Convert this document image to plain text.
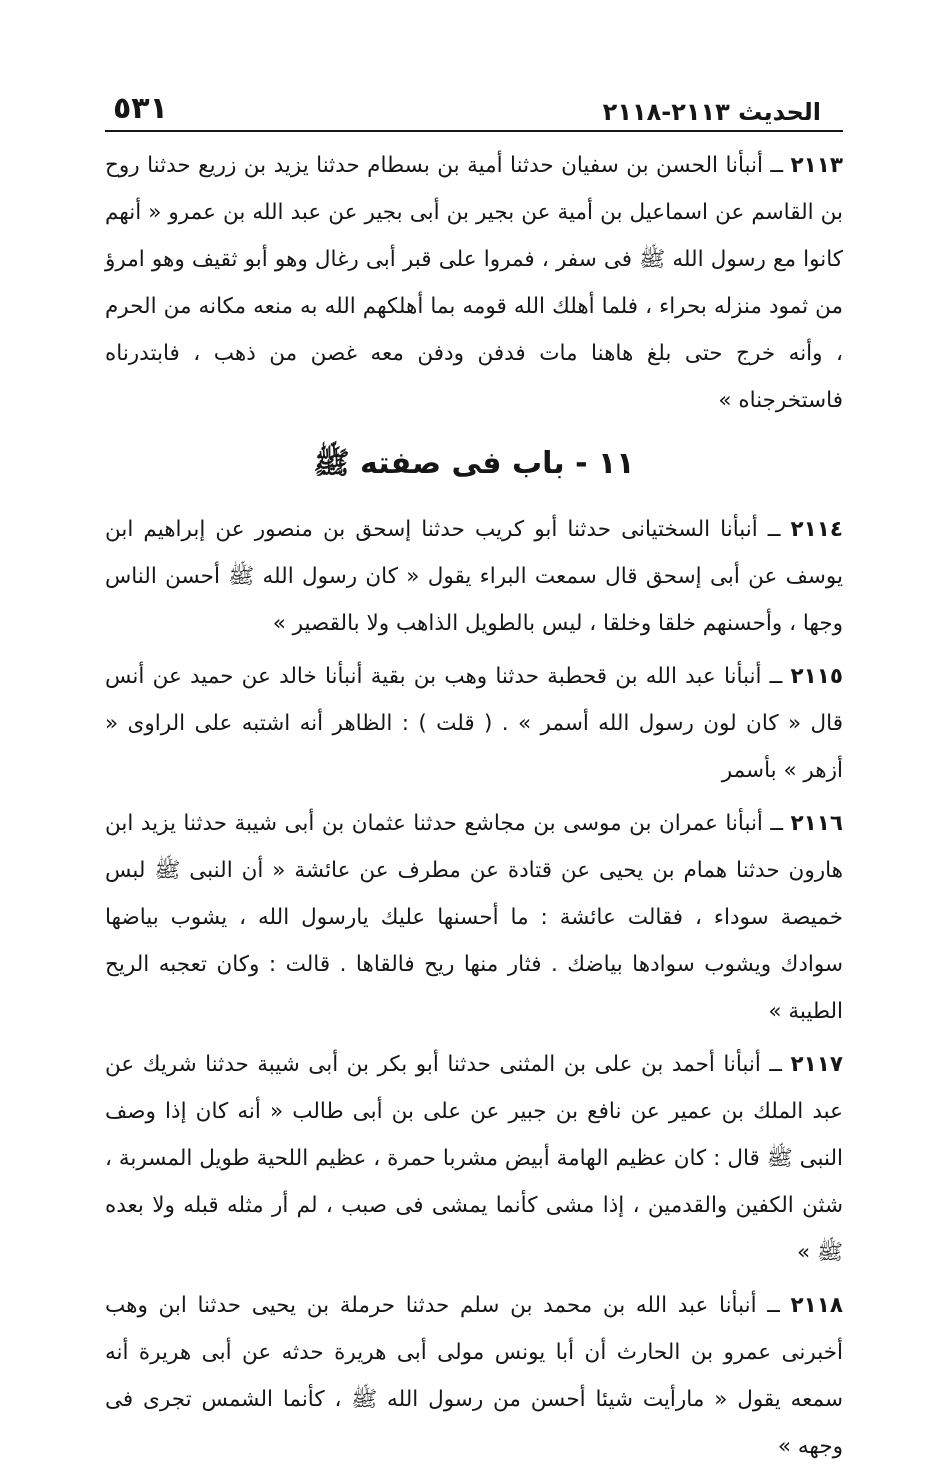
الحديث ٢١١٣-٢١١٨
٥٣١

٢١١٣ ــ أنبأنا الحسن بن سفيان حدثنا أمية بن بسطام حدثنا يزيد بن زريع حدثنا روح بن القاسم عن اسماعيل بن أمية عن بجير بن أبى بجير عن عبد الله بن عمرو « أنهم كانوا مع رسول الله ﷺ فى سفر ، فمروا على قبر أبى رغال وهو أبو ثقيف وهو امرؤ من ثمود منزله بحراء ، فلما أهلك الله قومه بما أهلكهم الله به منعه مكانه من الحرم ، وأنه خرج حتى بلغ هاهنا مات فدفن ودفن معه غصن من ذهب ، فابتدرناه فاستخرجناه »

١١ - باب فى صفته ﷺ

٢١١٤ ــ أنبأنا السختيانى حدثنا أبو كريب حدثنا إسحق بن منصور عن إبراهيم ابن يوسف عن أبى إسحق قال سمعت البراء يقول « كان رسول الله ﷺ أحسن الناس وجها ، وأحسنهم خلقا وخلقا ، ليس بالطويل الذاهب ولا بالقصير »

٢١١٥ ــ أنبأنا عبد الله بن قحطبة حدثنا وهب بن بقية أنبأنا خالد عن حميد عن أنس قال « كان لون رسول الله أسمر » . ( قلت ) : الظاهر أنه اشتبه على الراوى « أزهر » بأسمر

٢١١٦ ــ أنبأنا عمران بن موسى بن مجاشع حدثنا عثمان بن أبى شيبة حدثنا يزيد ابن هارون حدثنا همام بن يحيى عن قتادة عن مطرف عن عائشة « أن النبى ﷺ لبس خميصة سوداء ، فقالت عائشة : ما أحسنها عليك يارسول الله ، يشوب بياضها سوادك ويشوب سوادها بياضك . فثار منها ريح فالقاها . قالت : وكان تعجبه الريح الطيبة »

٢١١٧ ــ أنبأنا أحمد بن على بن المثنى حدثنا أبو بكر بن أبى شيبة حدثنا شريك عن عبد الملك بن عمير عن نافع بن جبير عن على بن أبى طالب « أنه كان إذا وصف النبى ﷺ قال : كان عظيم الهامة أبيض مشربا حمرة ، عظيم اللحية طويل المسربة ، شثن الكفين والقدمين ، إذا مشى كأنما يمشى فى صبب ، لم أر مثله قبله ولا بعده ﷺ »

٢١١٨ ــ أنبأنا عبد الله بن محمد بن سلم حدثنا حرملة بن يحيى حدثنا ابن وهب أخبرنى عمرو بن الحارث أن أبا يونس مولى أبى هريرة حدثه عن أبى هريرة أنه سمعه يقول « مارأيت شيئا أحسن من رسول الله ﷺ ، كأنما الشمس تجرى فى وجهه »
